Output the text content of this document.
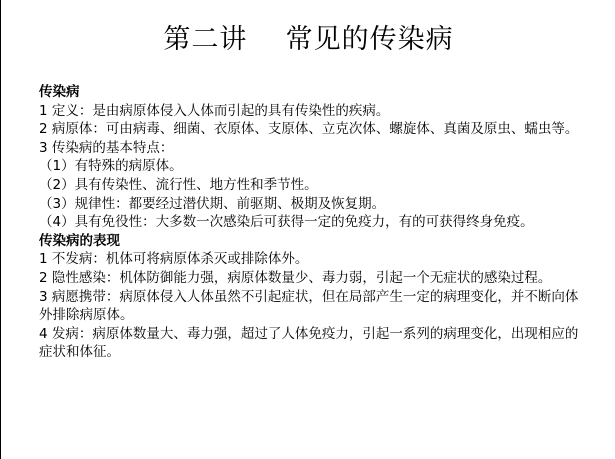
第二讲    常见的传染病
传染病
1 定义：是由病原体侵入人体而引起的具有传染性的疾病。
2 病原体：可由病毒、细菌、衣原体、支原体、立克次体、螺旋体、真菌及原虫、蠕虫等。
3 传染病的基本特点：
（1）有特殊的病原体。
（2）具有传染性、流行性、地方性和季节性。
（3）规律性：都要经过潜伏期、前驱期、极期及恢复期。
（4）具有免役性：大多数一次感染后可获得一定的免疫力，有的可获得终身免疫。
传染病的表现
1 不发病：机体可将病原体杀灭或排除体外。
2 隐性感染：机体防御能力强，病原体数量少、毒力弱，引起一个无症状的感染过程。
3 病愿携带：病原体侵入人体虽然不引起症状，但在局部产生一定的病理变化，并不断向体外排除病原体。
4 发病：病原体数量大、毒力强，超过了人体免疫力，引起一系列的病理变化，出现相应的症状和体征。
